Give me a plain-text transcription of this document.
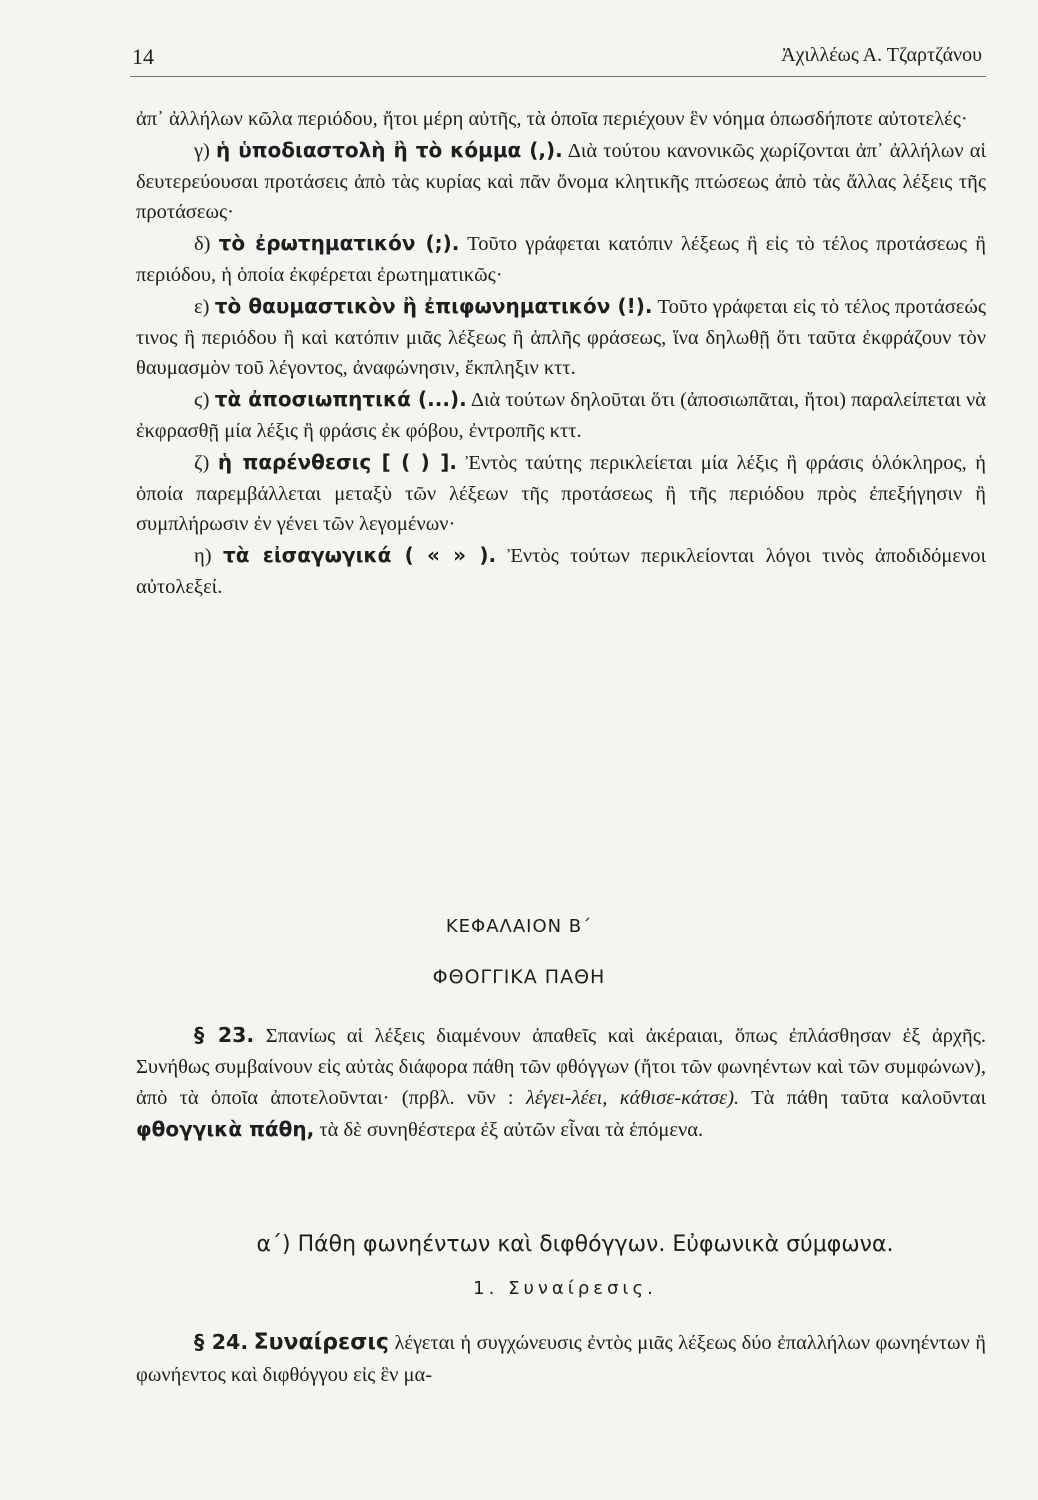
14	Ἀχιλλέως Α. Τζαρτζάνου

ἀπ᾽ ἀλλήλων κῶλα περιόδου, ἤτοι μέρη αὐτῆς, τὰ ὁποῖα περιέχουν ἓν νόημα ὁπωσδήποτε αὐτοτελές·

γ) ἡ ὑποδιαστολὴ ἢ τὸ κόμμα (,). Διὰ τούτου κανονικῶς χωρίζονται ἀπ᾽ ἀλλήλων αἱ δευτερεύουσαι προτάσεις ἀπὸ τὰς κυρίας καὶ πᾶν ὄνομα κλητικῆς πτώσεως ἀπὸ τὰς ἄλλας λέξεις τῆς προτάσεως·

δ) τὸ ἐρωτηματικόν (;). Τοῦτο γράφεται κατόπιν λέξεως ἢ εἰς τὸ τέλος προτάσεως ἢ περιόδου, ἡ ὁποία ἐκφέρεται ἐρωτηματικῶς·

ε) τὸ θαυμαστικὸν ἢ ἐπιφωνηματικόν (!). Τοῦτο γράφεται εἰς τὸ τέλος προτάσεώς τινος ἢ περιόδου ἢ καὶ κατόπιν μιᾶς λέξεως ἢ ἁπλῆς φράσεως, ἵνα δηλωθῇ ὅτι ταῦτα ἐκφράζουν τὸν θαυμασμὸν τοῦ λέγοντος, ἀναφώνησιν, ἔκπληξιν κττ.

ϛ) τὰ ἀποσιωπητικά (...). Διὰ τούτων δηλοῦται ὅτι (ἀποσιωπᾶται, ἤτοι) παραλείπεται νὰ ἐκφρασθῇ μία λέξις ἢ φράσις ἐκ φόβου, ἐντροπῆς κττ.

ζ) ἡ παρένθεσις [ ( ) ]. Ἐντὸς ταύτης περικλείεται μία λέξις ἢ φράσις ὁλόκληρος, ἡ ὁποία παρεμβάλλεται μεταξὺ τῶν λέξεων τῆς προτάσεως ἢ τῆς περιόδου πρὸς ἐπεξήγησιν ἢ συμπλήρωσιν ἐν γένει τῶν λεγομένων·

η) τὰ εἰσαγωγικά ( « » ). Ἐντὸς τούτων περικλείονται λόγοι τινὸς ἀποδιδόμενοι αὐτολεξεί.

ΚΕΦΑΛΑΙΟΝ Β΄
ΦΘΟΓΓΙΚΑ ΠΑΘΗ

§ 23. Σπανίως αἱ λέξεις διαμένουν ἀπαθεῖς καὶ ἀκέραιαι, ὅπως ἐπλάσθησαν ἐξ ἀρχῆς. Συνήθως συμβαίνουν εἰς αὐτὰς διάφορα πάθη τῶν φθόγγων (ἤτοι τῶν φωνηέντων καὶ τῶν συμφώνων), ἀπὸ τὰ ὁποῖα ἀποτελοῦνται· (πρβλ. νῦν : λέγει-λέει, κάθισε-κάτσε). Τὰ πάθη ταῦτα καλοῦνται φθογγικὰ πάθη, τὰ δὲ συνηθέστερα ἐξ αὐτῶν εἶναι τὰ ἑπόμενα.

α΄) Πάθη φωνηέντων καὶ διφθόγγων. Εὐφωνικὰ σύμφωνα.
1. Συναίρεσις.

§ 24. Συναίρεσις λέγεται ἡ συγχώνευσις ἐντὸς μιᾶς λέξεως δύο ἐπαλλήλων φωνηέντων ἢ φωνήεντος καὶ διφθόγγου εἰς ἓν μα-
